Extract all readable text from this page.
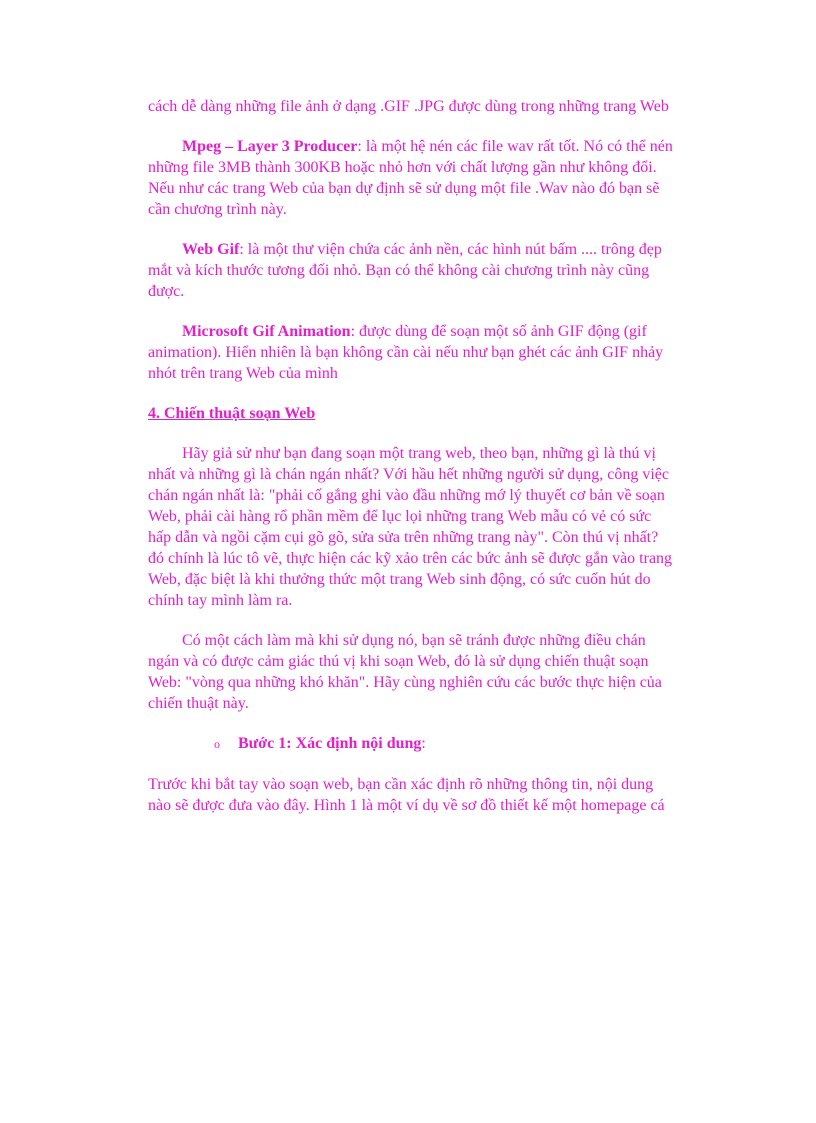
cách dễ dàng những file ảnh ở dạng .GIF .JPG được dùng trong những trang Web

Mpeg – Layer 3 Producer: là một hệ nén các file wav rất tốt. Nó có thể nén những file 3MB thành 300KB hoặc nhỏ hơn với chất lượng gần như không đổi. Nếu như các trang Web của bạn dự định sẽ sử dụng một file .Wav nào đó bạn sẽ cần chương trình này.

Web Gif: là một thư viện chứa các ảnh nền, các hình nút bấm .... trông đẹp mắt và kích thước tương đối nhỏ. Bạn có thể không cài chương trình này cũng được.

Microsoft Gif Animation: được dùng để soạn một số ảnh GIF động (gif animation). Hiển nhiên là bạn không cần cài nếu như bạn ghét các ảnh GIF nhảy nhót trên trang Web của mình

4. Chiến thuật soạn Web

Hãy giả sử như bạn đang soạn một trang web, theo bạn, những gì là thú vị nhất và những gì là chán ngán nhất? Với hầu hết những người sử dụng, công việc chán ngán nhất là: "phải cố gắng ghi vào đầu những mớ lý thuyết cơ bản về soạn Web, phải cài hàng rổ phần mềm để lục lọi những trang Web mẫu có vẻ có sức hấp dẫn và ngồi cặm cụi gõ gõ, sửa sửa trên những trang này". Còn thú vị nhất? đó chính là lúc tô vẽ, thực hiện các kỹ xảo trên các bức ảnh sẽ được gắn vào trang Web, đặc biệt là khi thưởng thức một trang Web sinh động, có sức cuốn hút do chính tay mình làm ra.

Có một cách làm mà khi sử dụng nó, bạn sẽ tránh được những điều chán ngán và có được cảm giác thú vị khi soạn Web, đó là sử dụng chiến thuật soạn Web: "vòng qua những khó khăn". Hãy cùng nghiên cứu các bước thực hiện của chiến thuật này.

o	Bước 1: Xác định nội dung:

Trước khi bắt tay vào soạn web, bạn cần xác định rõ những thông tin, nội dung nào sẽ được đưa vào đây. Hình 1 là một ví dụ về sơ đồ thiết kế một homepage cá
